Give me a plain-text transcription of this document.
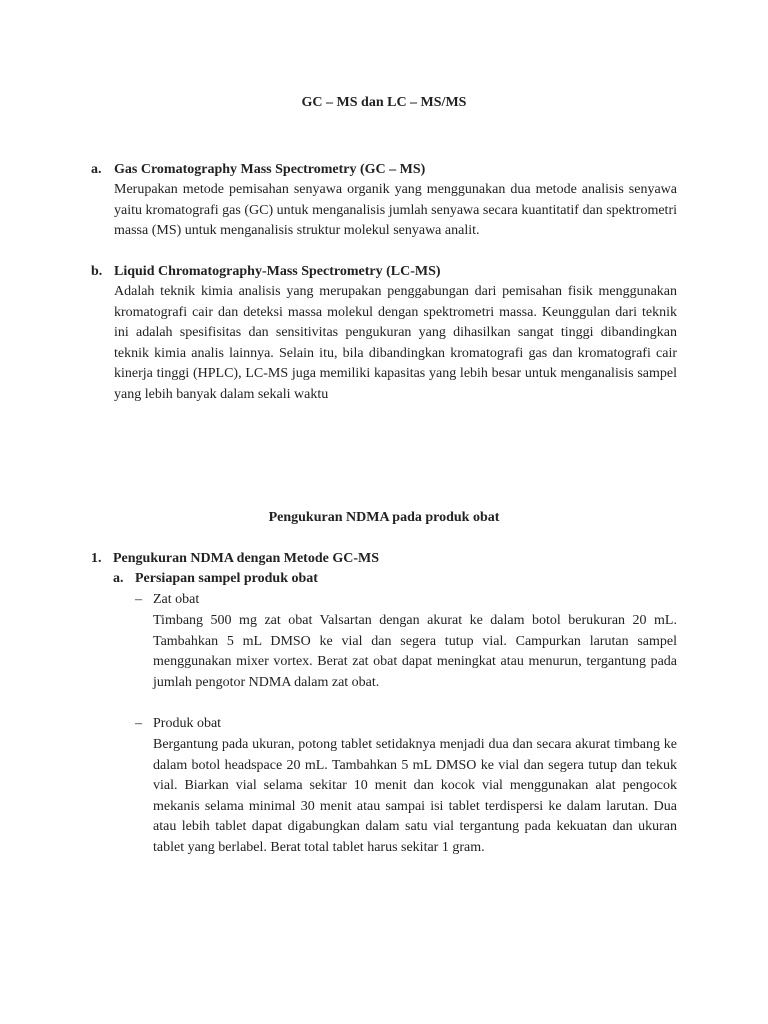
GC – MS dan LC – MS/MS
a. Gas Cromatography Mass Spectrometry (GC – MS)
Merupakan metode pemisahan senyawa organik yang menggunakan dua metode analisis senyawa yaitu kromatografi gas (GC) untuk menganalisis jumlah senyawa secara kuantitatif dan spektrometri massa (MS) untuk menganalisis struktur molekul senyawa analit.
b. Liquid Chromatography-Mass Spectrometry (LC-MS)
Adalah teknik kimia analisis yang merupakan penggabungan dari pemisahan fisik menggunakan kromatografi cair dan deteksi massa molekul dengan spektrometri massa. Keunggulan dari teknik ini adalah spesifisitas dan sensitivitas pengukuran yang dihasilkan sangat tinggi dibandingkan teknik kimia analis lainnya. Selain itu, bila dibandingkan kromatografi gas dan kromatografi cair kinerja tinggi (HPLC), LC-MS juga memiliki kapasitas yang lebih besar untuk menganalisis sampel yang lebih banyak dalam sekali waktu
Pengukuran NDMA pada produk obat
1. Pengukuran NDMA dengan Metode GC-MS
a. Persiapan sampel produk obat
– Zat obat
Timbang 500 mg zat obat Valsartan dengan akurat ke dalam botol berukuran 20 mL. Tambahkan 5 mL DMSO ke vial dan segera tutup vial. Campurkan larutan sampel menggunakan mixer vortex. Berat zat obat dapat meningkat atau menurun, tergantung pada jumlah pengotor NDMA dalam zat obat.
– Produk obat
Bergantung pada ukuran, potong tablet setidaknya menjadi dua dan secara akurat timbang ke dalam botol headspace 20 mL. Tambahkan 5 mL DMSO ke vial dan segera tutup dan tekuk vial. Biarkan vial selama sekitar 10 menit dan kocok vial menggunakan alat pengocok mekanis selama minimal 30 menit atau sampai isi tablet terdispersi ke dalam larutan. Dua atau lebih tablet dapat digabungkan dalam satu vial tergantung pada kekuatan dan ukuran tablet yang berlabel. Berat total tablet harus sekitar 1 gram.
